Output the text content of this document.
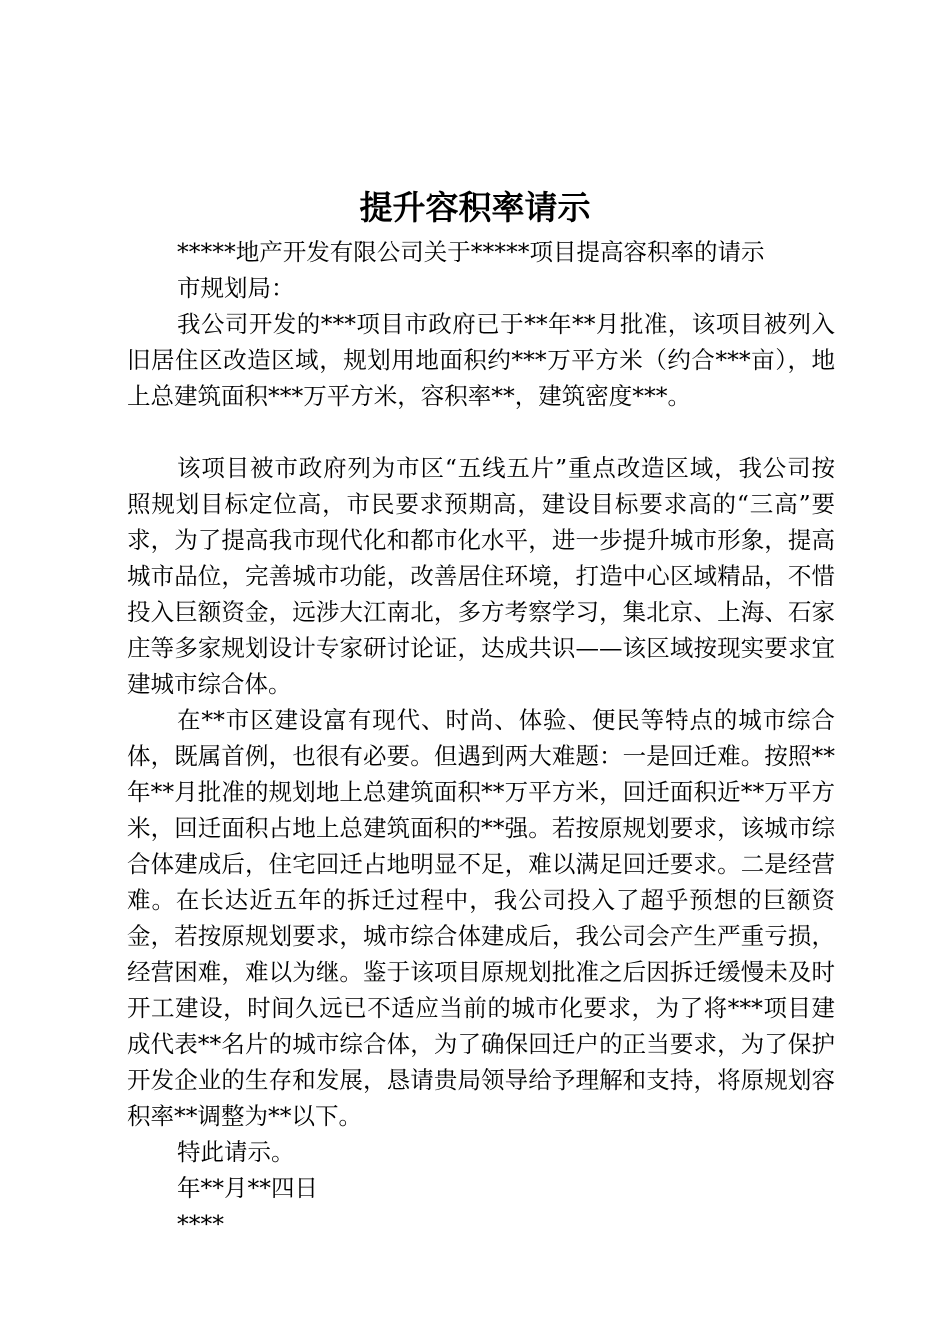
提升容积率请示

*****地产开发有限公司关于*****项目提高容积率的请示

市规划局：

我公司开发的***项目市政府已于**年**月批准，该项目被列入旧居住区改造区域，规划用地面积约***万平方米（约合***亩），地上总建筑面积***万平方米，容积率**，建筑密度***。

该项目被市政府列为市区“五线五片”重点改造区域，我公司按照规划目标定位高，市民要求预期高，建设目标要求高的“三高”要求，为了提高我市现代化和都市化水平，进一步提升城市形象，提高城市品位，完善城市功能，改善居住环境，打造中心区域精品，不惜投入巨额资金，远涉大江南北，多方考察学习，集北京、上海、石家庄等多家规划设计专家研讨论证，达成共识——该区域按现实要求宜建城市综合体。

在**市区建设富有现代、时尚、体验、便民等特点的城市综合体，既属首例，也很有必要。但遇到两大难题：一是回迁难。按照**年**月批准的规划地上总建筑面积**万平方米，回迁面积近**万平方米，回迁面积占地上总建筑面积的**强。若按原规划要求，该城市综合体建成后，住宅回迁占地明显不足，难以满足回迁要求。二是经营难。在长达近五年的拆迁过程中，我公司投入了超乎预想的巨额资金，若按原规划要求，城市综合体建成后，我公司会产生严重亏损，经营困难，难以为继。鉴于该项目原规划批准之后因拆迁缓慢未及时开工建设，时间久远已不适应当前的城市化要求，为了将***项目建成代表**名片的城市综合体，为了确保回迁户的正当要求，为了保护开发企业的生存和发展，恳请贵局领导给予理解和支持，将原规划容积率**调整为**以下。

特此请示。

年**月**四日

****
